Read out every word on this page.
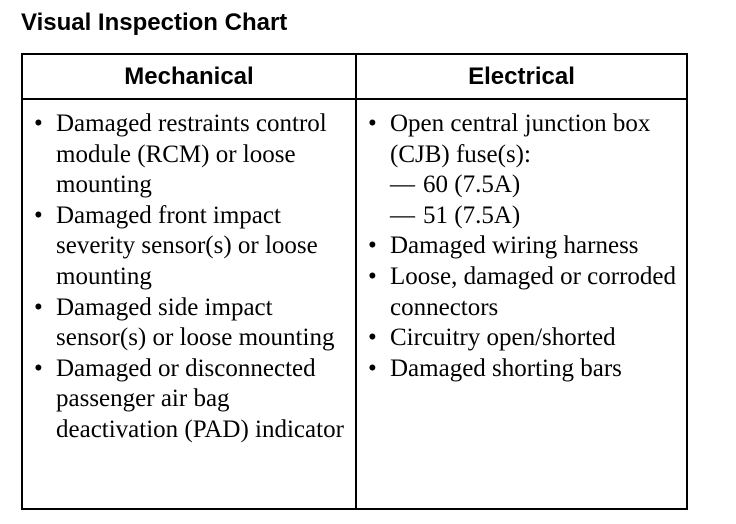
Visual Inspection Chart
Mechanical	Electrical
• Damaged restraints control module (RCM) or loose mounting
• Damaged front impact severity sensor(s) or loose mounting
• Damaged side impact sensor(s) or loose mounting
• Damaged or disconnected passenger air bag deactivation (PAD) indicator
• Open central junction box (CJB) fuse(s):
— 60 (7.5A)
— 51 (7.5A)
• Damaged wiring harness
• Loose, damaged or corroded connectors
• Circuitry open/shorted
• Damaged shorting bars
